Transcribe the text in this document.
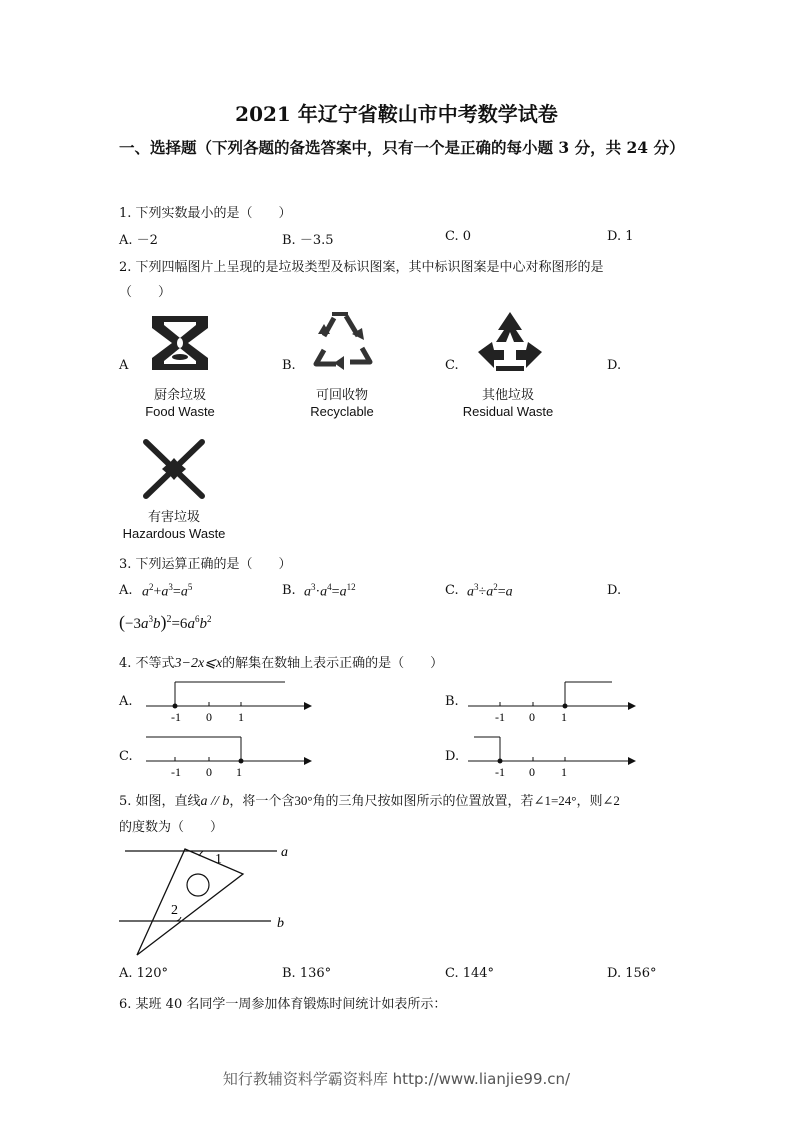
2021 年辽宁省鞍山市中考数学试卷
一、选择题（下列各题的备选答案中，只有一个是正确的每小题 3 分，共 24 分）
1. 下列实数最小的是（　　）
A. －2	B. －3.5	C. 0	D. 1
2. 下列四幅图片上呈现的是垃圾类型及标识图案，其中标识图案是中心对称图形的是
（　　）
A	B.	C.	D.
厨余垃圾
Food Waste
可回收物
Recyclable
其他垃圾
Residual Waste
有害垃圾
Hazardous Waste
3. 下列运算正确的是（　　）
A. $a^2+a^3=a^5$	B. $a^3\cdot a^4=a^{12}$	C. $a^3\div a^2=a$	D.
$(-3a^3b)^2=6a^6b^2$
4. 不等式3−2x⩽x的解集在数轴上表示正确的是（　　）
A.
-1 0 1
B.
-1 0 1
C.
-1 0 1
D.
-1 0 1
5. 如图，直线a // b，将一个含30°角的三角尺按如图所示的位置放置，若∠1=24°，则∠2
的度数为（　　）
a
b
1
2
A. 120°	B. 136°	C. 144°	D. 156°
6. 某班 40 名同学一周参加体育锻炼时间统计如表所示：
知行教辅资料学霸资料库 http://www.lianjie99.cn/
